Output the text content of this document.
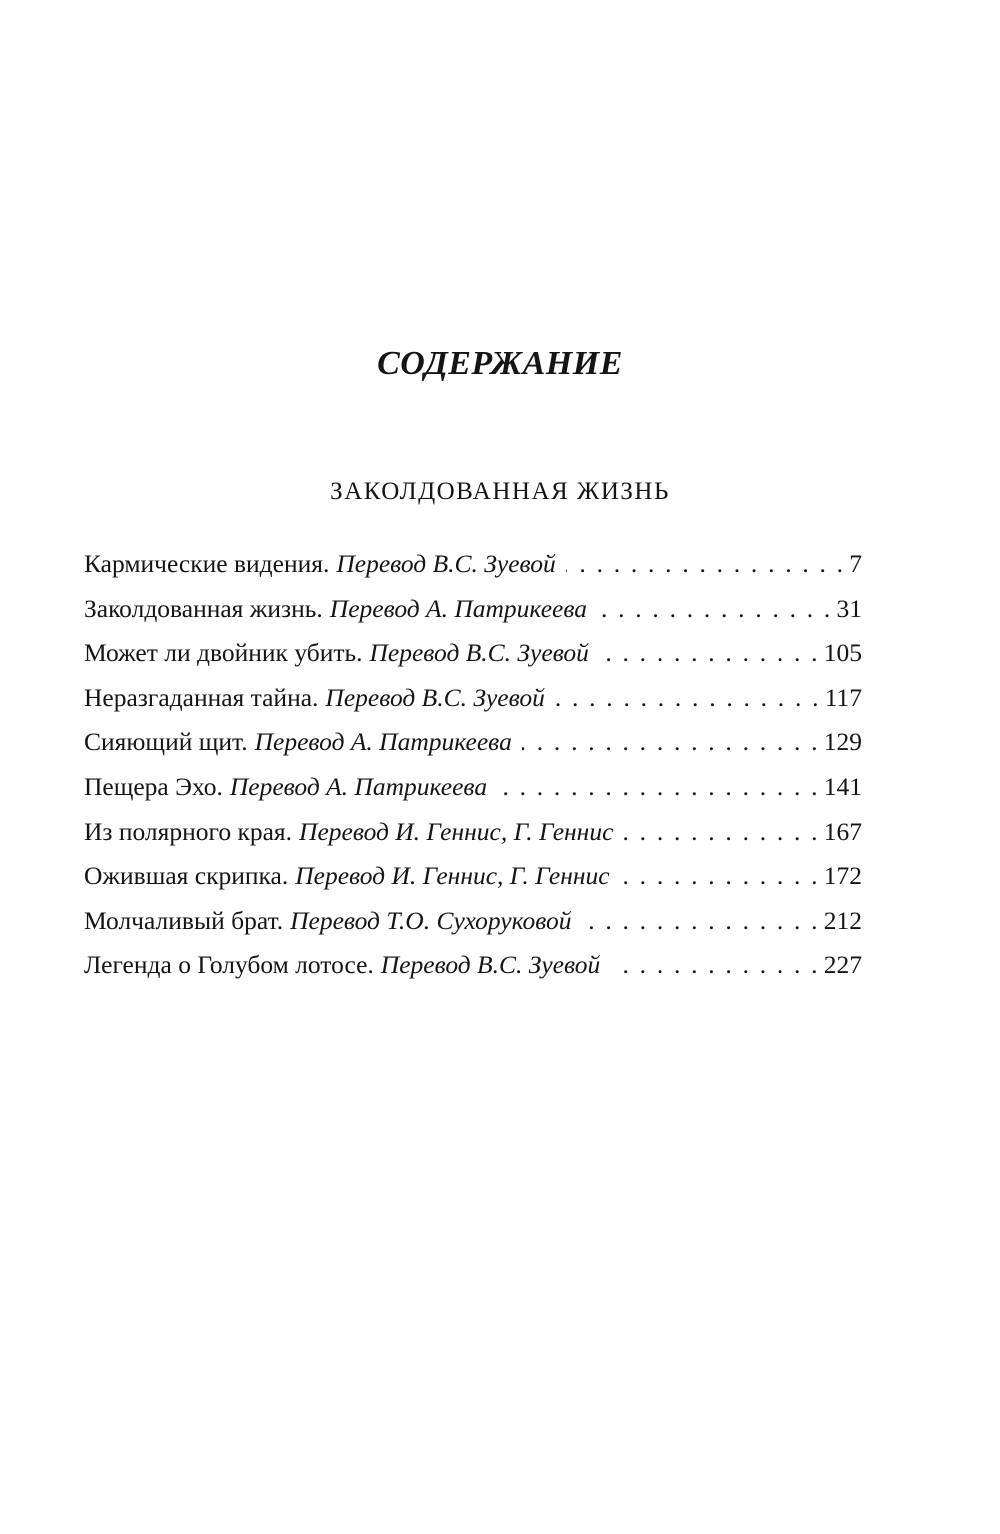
СОДЕРЖАНИЕ
ЗАКОЛДОВАННАЯ ЖИЗНЬ
Кармические видения. Перевод В.С. Зуевой . . .	7
Заколдованная жизнь. Перевод А. Патрикеева . . .	31
Может ли двойник убить. Перевод В.С. Зуевой . . .	105
Неразгаданная тайна. Перевод В.С. Зуевой . . .	117
Сияющий щит. Перевод А. Патрикеева . . .	129
Пещера Эхо. Перевод А. Патрикеева . . .	141
Из полярного края. Перевод И. Геннис, Г. Геннис . . .	167
Ожившая скрипка. Перевод И. Геннис, Г. Геннис . . .	172
Молчаливый брат. Перевод Т.О. Сухоруковой . . .	212
Легенда о Голубом лотосе. Перевод В.С. Зуевой . . .	227
